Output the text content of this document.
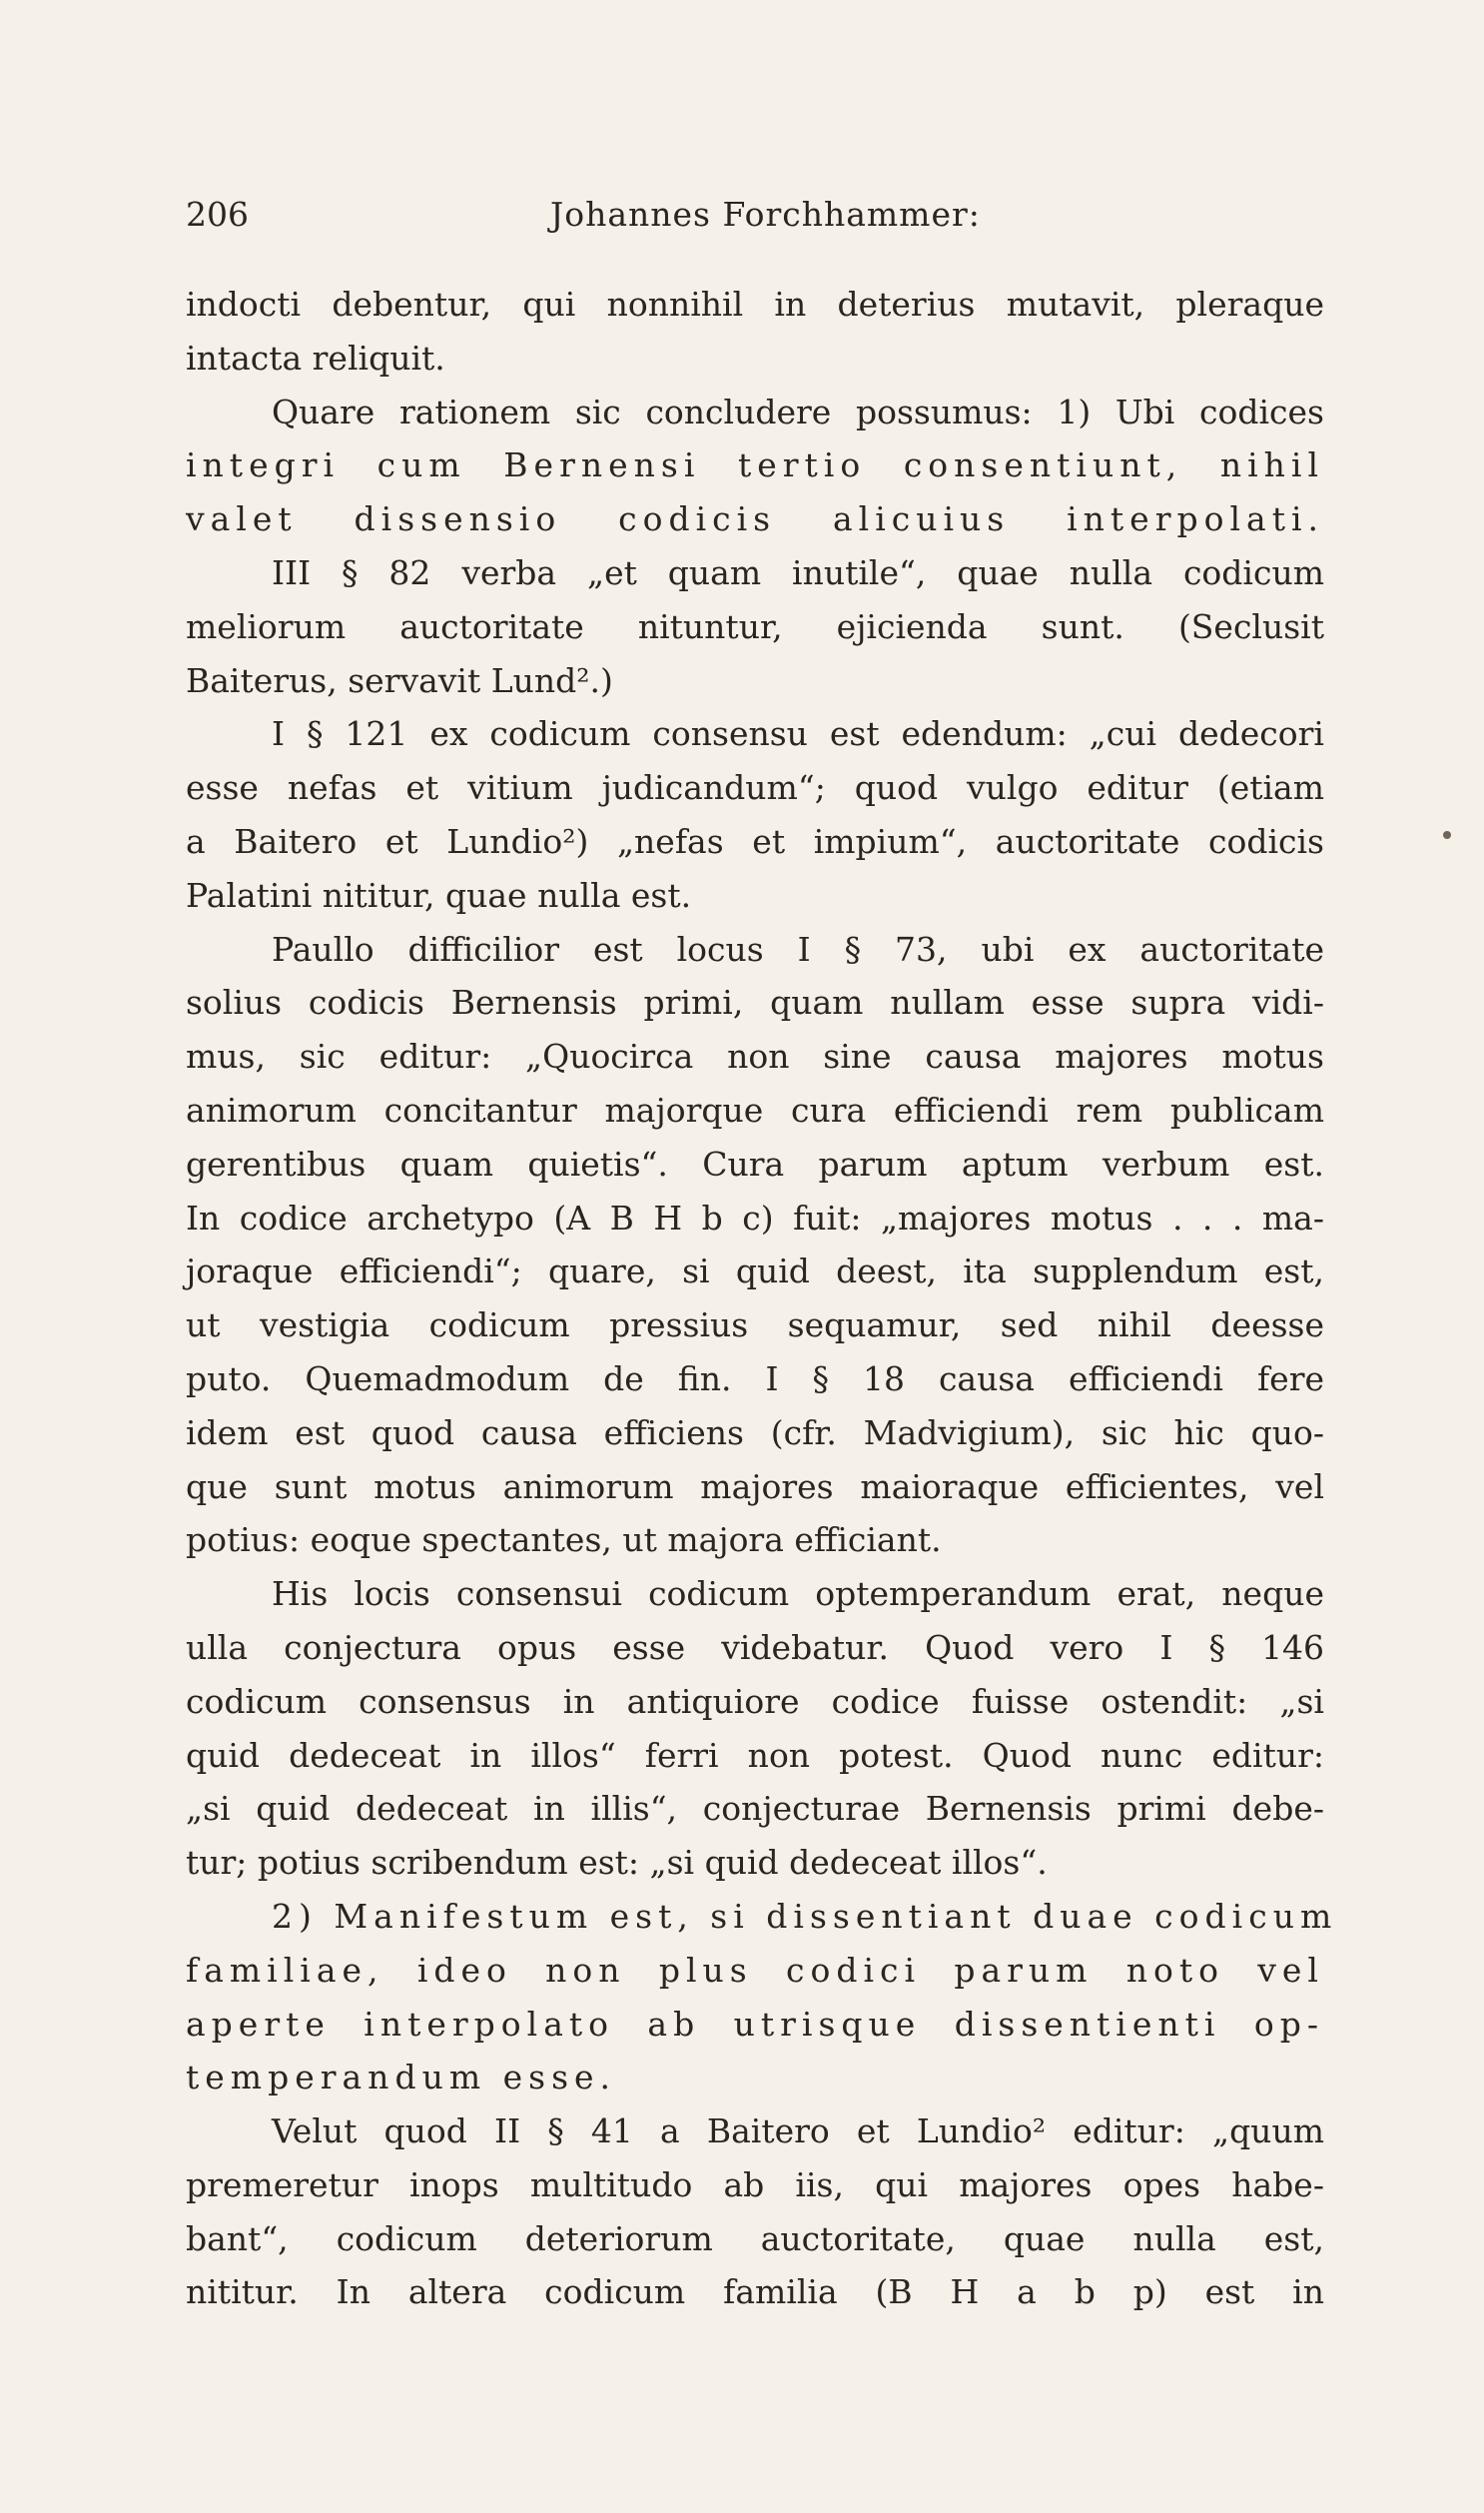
206	Johannes Forchhammer:
indocti debentur, qui nonnihil in deterius mutavit, pleraque
intacta reliquit.
Quare rationem sic concludere possumus: 1) Ubi codices
integri cum Bernensi tertio consentiunt, nihil
valet dissensio codicis alicuius interpolati.
III § 82 verba „et quam inutile“, quae nulla codicum
meliorum auctoritate nituntur, ejicienda sunt. (Seclusit
Baiterus, servavit Lund².)
I § 121 ex codicum consensu est edendum: „cui dedecori
esse nefas et vitium judicandum“; quod vulgo editur (etiam
a Baitero et Lundio²) „nefas et impium“, auctoritate codicis
Palatini nititur, quae nulla est.
Paullo difficilior est locus I § 73, ubi ex auctoritate
solius codicis Bernensis primi, quam nullam esse supra vidi-
mus, sic editur: „Quocirca non sine causa majores motus
animorum concitantur majorque cura efficiendi rem publicam
gerentibus quam quietis“. Cura parum aptum verbum est.
In codice archetypo (A B H b c) fuit: „majores motus . . . ma-
joraque efficiendi“; quare, si quid deest, ita supplendum est,
ut vestigia codicum pressius sequamur, sed nihil deesse
puto. Quemadmodum de fin. I § 18 causa efficiendi fere
idem est quod causa efficiens (cfr. Madvigium), sic hic quo-
que sunt motus animorum majores maioraque efficientes, vel
potius: eoque spectantes, ut majora efficiant.
His locis consensui codicum optemperandum erat, neque
ulla conjectura opus esse videbatur. Quod vero I § 146
codicum consensus in antiquiore codice fuisse ostendit: „si
quid dedeceat in illos“ ferri non potest. Quod nunc editur:
„si quid dedeceat in illis“, conjecturae Bernensis primi debe-
tur; potius scribendum est: „si quid dedeceat illos“.
2) Manifestum est, si dissentiant duae codicum
familiae, ideo non plus codici parum noto vel
aperte interpolato ab utrisque dissentienti op-
temperandum esse.
Velut quod II § 41 a Baitero et Lundio² editur: „quum
premeretur inops multitudo ab iis, qui majores opes habe-
bant“, codicum deteriorum auctoritate, quae nulla est,
nititur. In altera codicum familia (B H a b p) est in
